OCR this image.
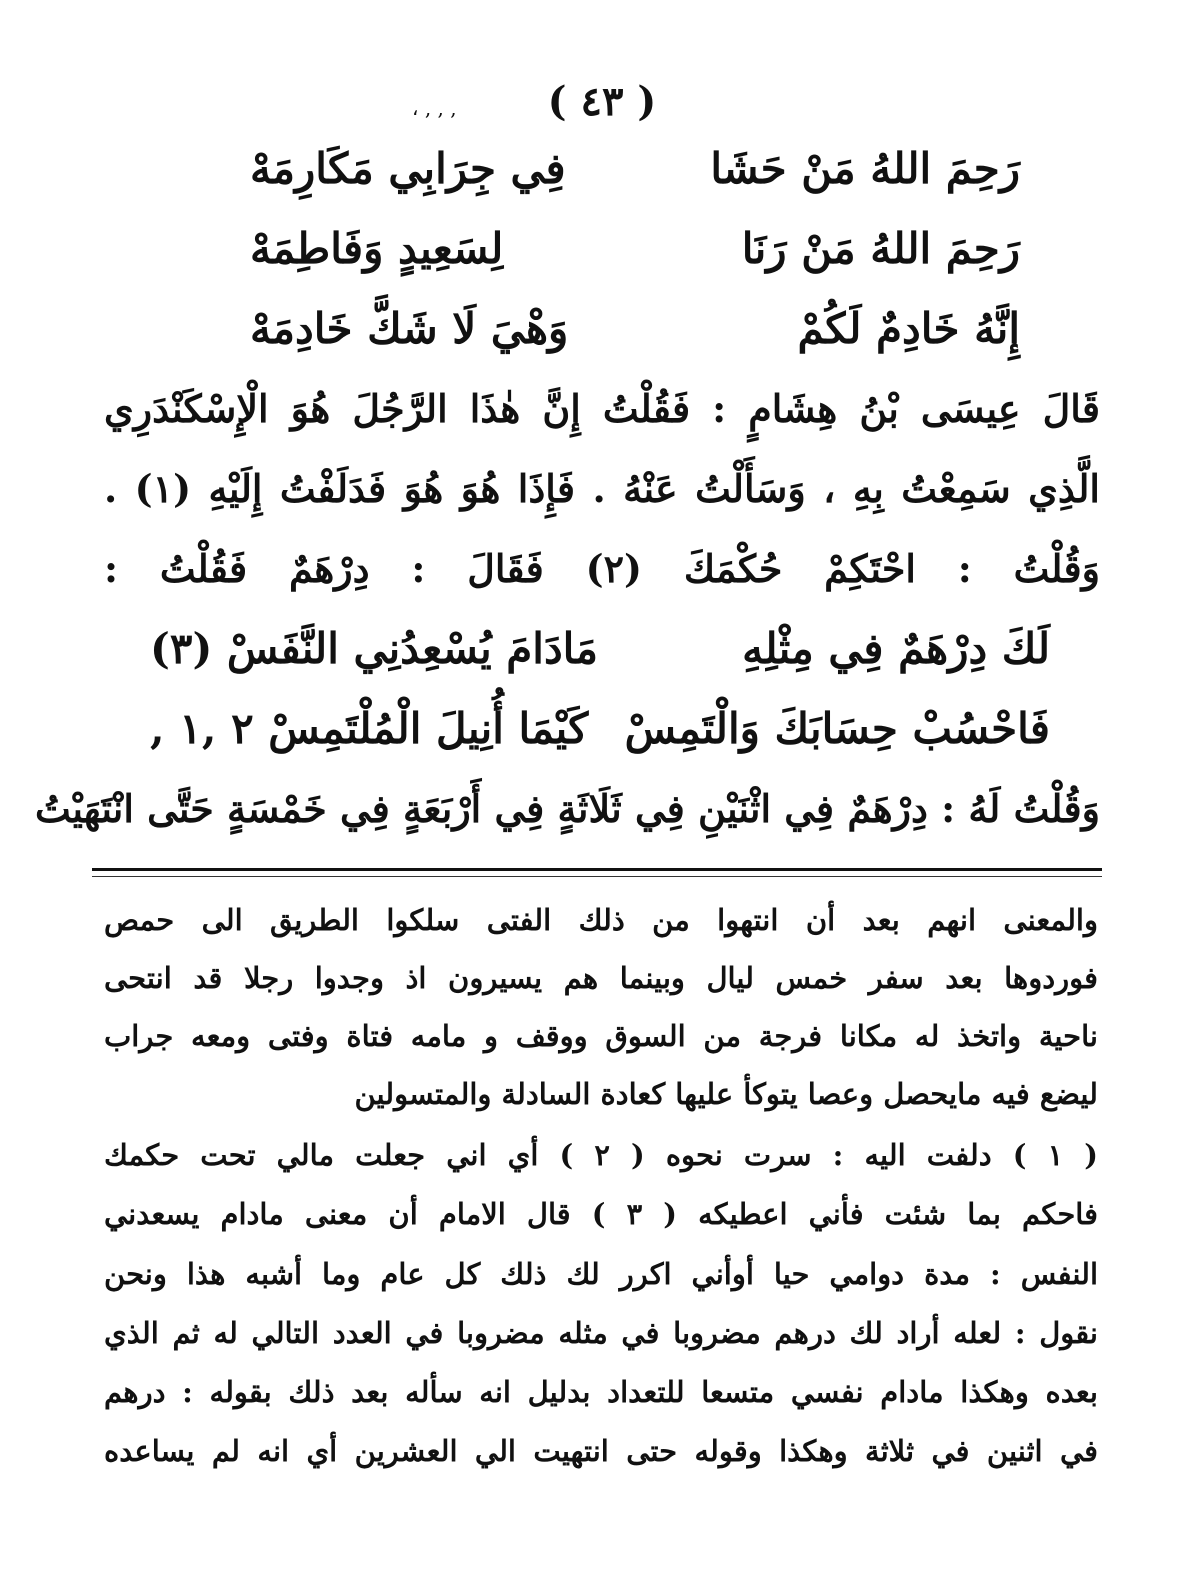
( ٤٣ )
، , , ,
رَحِمَ اللهُ مَنْ حَشَا
فِي جِرَابِي مَكَارِمَهْ
رَحِمَ اللهُ مَنْ رَنَا
لِسَعِيدٍ وَفَاطِمَهْ
إِنَّهُ خَادِمٌ لَكُمْ
وَهْيَ لَا شَكَّ خَادِمَهْ
قَالَ عِيسَى بْنُ هِشَامٍ : فَقُلْتُ إِنَّ هٰذَا الرَّجُلَ هُوَ الْإِسْكَنْدَرِي
الَّذِي سَمِعْتُ بِهِ ، وَسَأَلْتُ عَنْهُ . فَإِذَا هُوَ هُوَ فَدَلَفْتُ إِلَيْهِ (١) .
وَقُلْتُ : احْتَكِمْ حُكْمَكَ (٢) فَقَالَ : دِرْهَمٌ فَقُلْتُ :
لَكَ دِرْهَمٌ فِي مِثْلِهِ
مَادَامَ يُسْعِدُنِي النَّفَسْ (٣)
فَاحْسُبْ حِسَابَكَ وَالْتَمِسْ
كَيْمَا أُنِيلَ الْمُلْتَمِسْ ٢ ,١ ,
وَقُلْتُ لَهُ : دِرْهَمٌ فِي اثْنَيْنِ فِي ثَلَاثَةٍ فِي أَرْبَعَةٍ فِي خَمْسَةٍ حَتَّى انْتَهَيْتُ
والمعنى انهم بعد أن انتهوا من ذلك الفتى سلكوا الطريق الى حمص
فوردوها بعد سفر خمس ليال وبينما هم يسيرون اذ وجدوا رجلا قد انتحى
ناحية واتخذ له مكانا فرجة من السوق ووقف و مامه فتاة وفتى ومعه جراب
ليضع فيه مايحصل وعصا يتوكأ عليها كعادة السادلة والمتسولين
( ١ ) دلفت اليه : سرت نحوه ( ٢ ) أي اني جعلت مالي تحت حكمك
فاحكم بما شئت فأني اعطيكه ( ٣ ) قال الامام أن معنى مادام يسعدني
النفس : مدة دوامي حيا أوأني اكرر لك ذلك كل عام وما أشبه هذا ونحن
نقول : لعله أراد لك درهم مضروبا في مثله مضروبا في العدد التالي له ثم الذي
بعده وهكذا مادام نفسي متسعا للتعداد بدليل انه سأله بعد ذلك بقوله : درهم
في اثنين في ثلاثة وهكذا وقوله حتى انتهيت الي العشرين أي انه لم يساعده
